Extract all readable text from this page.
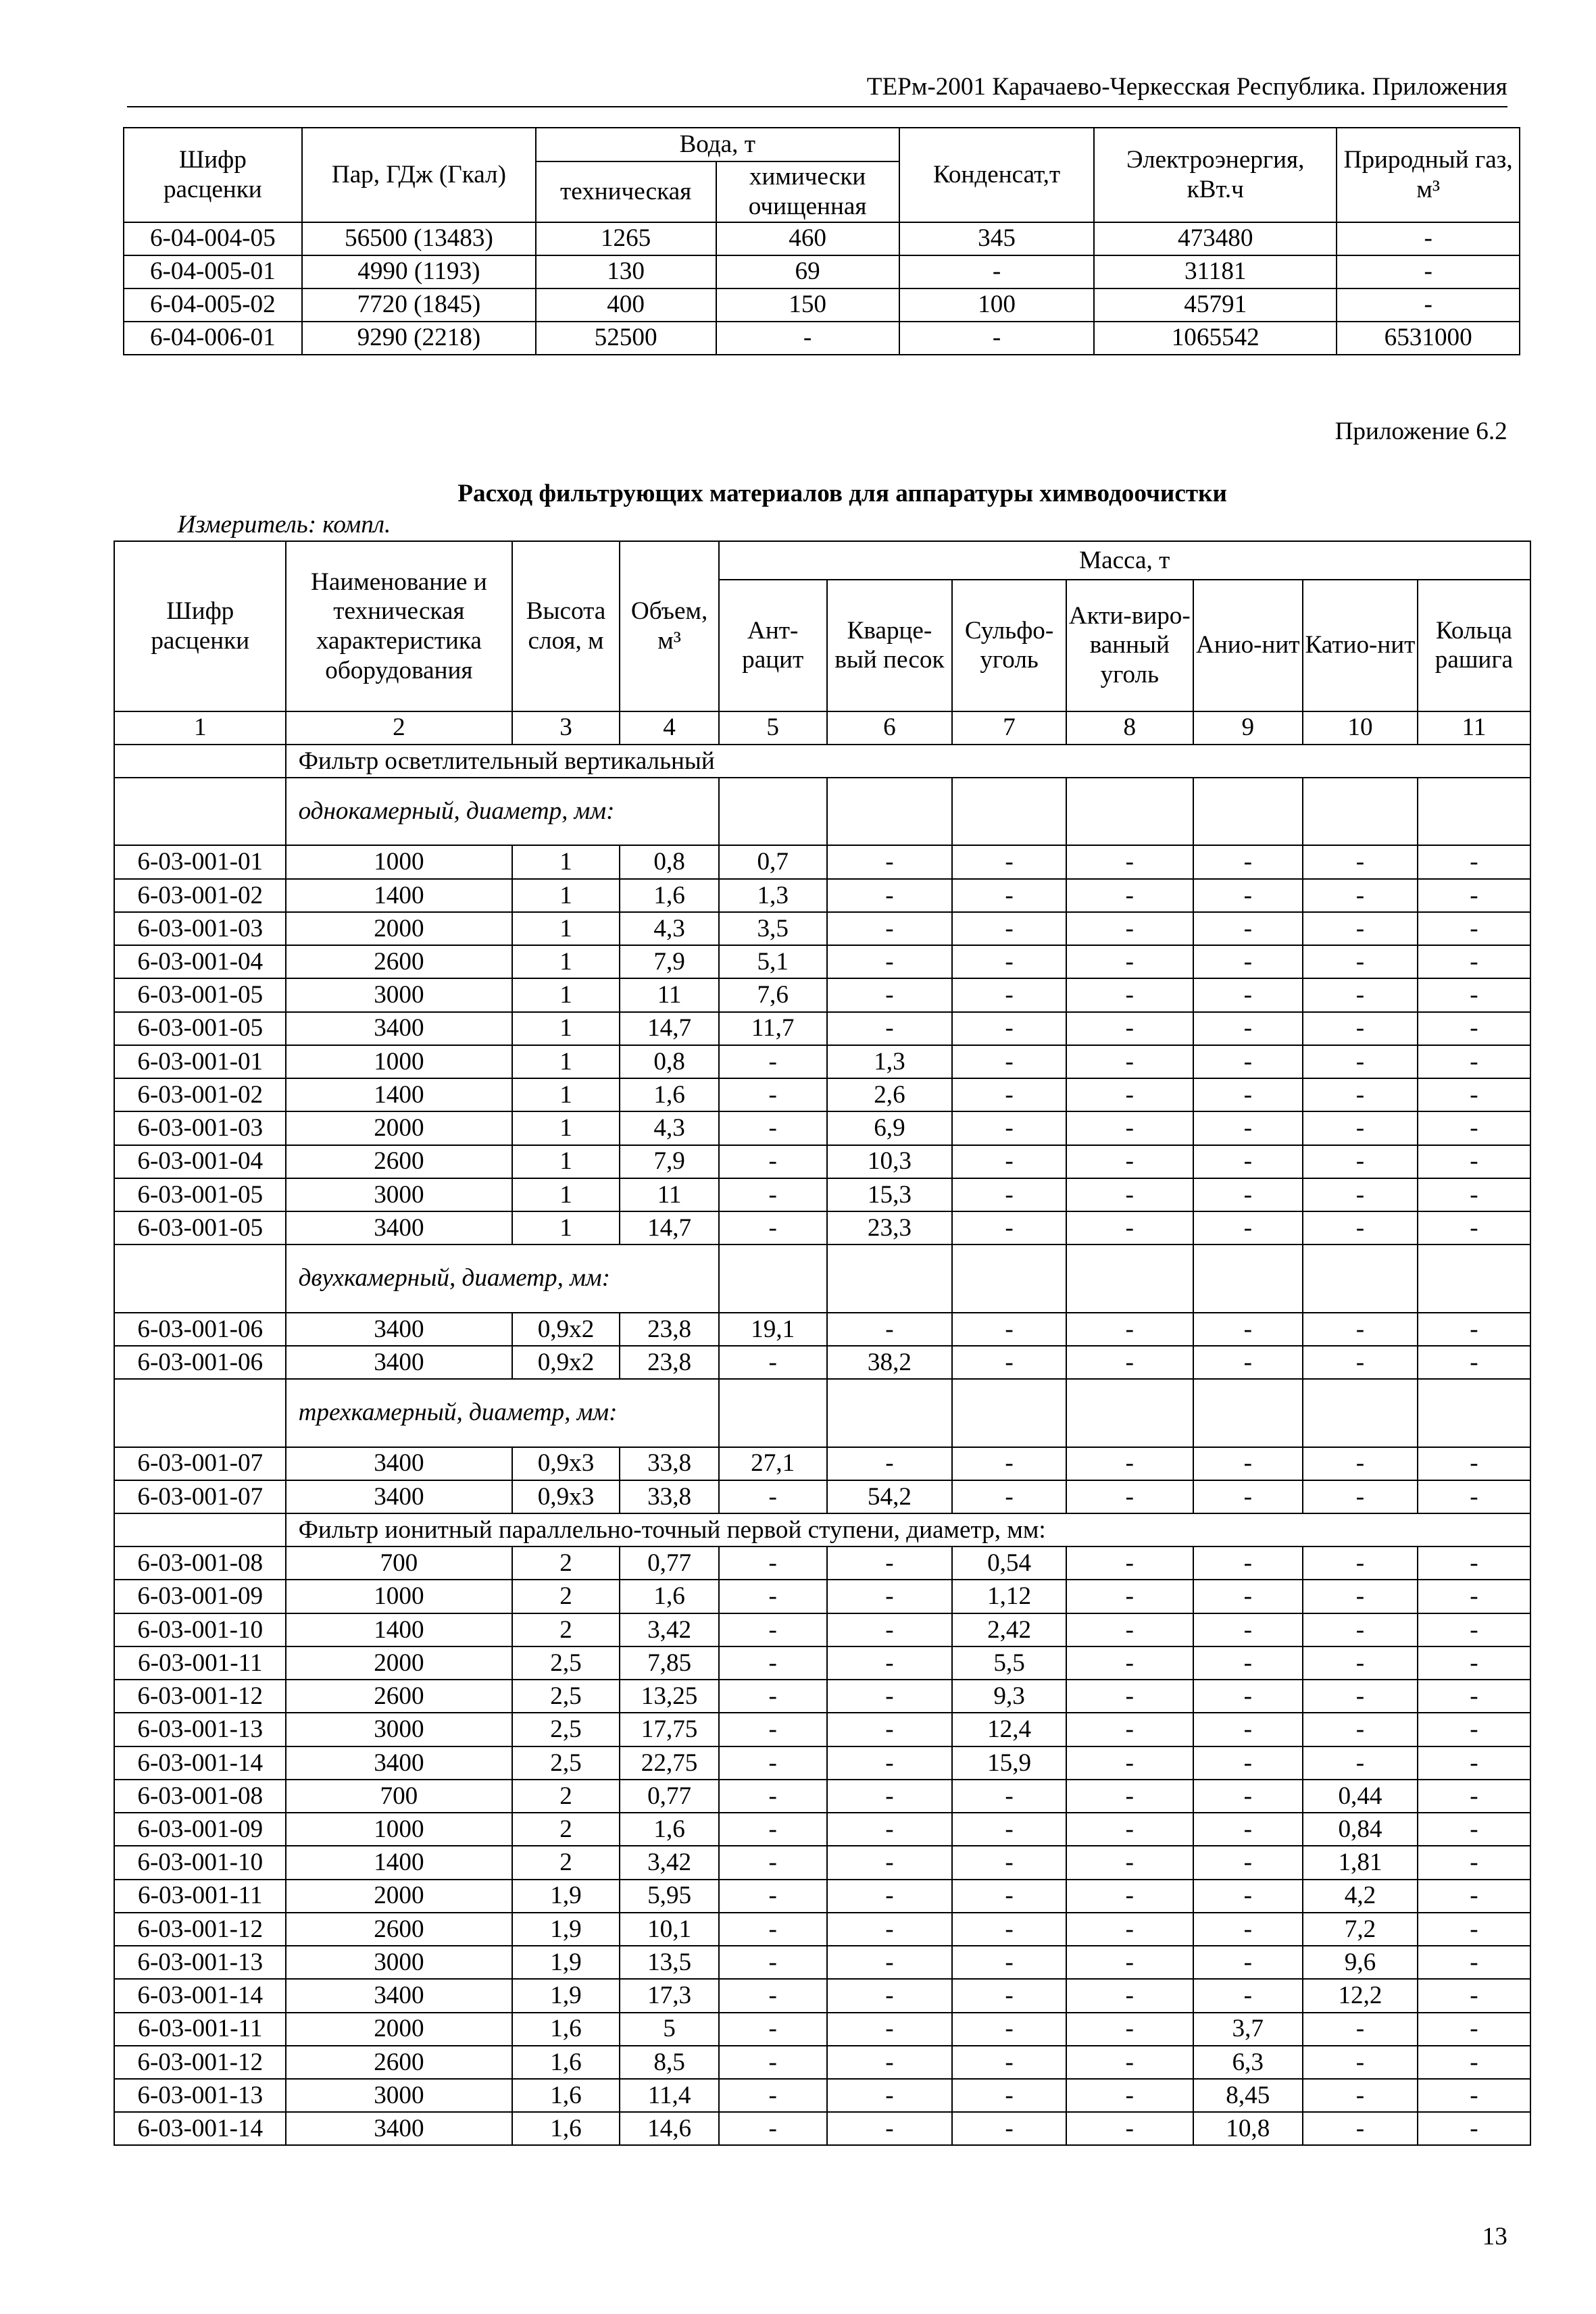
ТЕРм-2001 Карачаево-Черкесская Республика. Приложения
Шифр расценки	Пар, ГДж (Гкал)	Вода, т		Конденсат,т	Электроэнергия, кВт.ч	Природный газ, м³
		техническая	химически очищенная			
6-04-004-05	56500 (13483)	1265	460	345	473480	-
6-04-005-01	4990 (1193)	130	69	-	31181	-
6-04-005-02	7720 (1845)	400	150	100	45791	-
6-04-006-01	9290 (2218)	52500	-	-	1065542	6531000
Приложение 6.2
Расход фильтрующих материалов для аппаратуры химводоочистки
Измеритель: компл.
Шифр расценки	Наименование и техническая характеристика оборудования	Высота слоя, м	Объем, м³	Масса, т						
				Ант-рацит	Кварце-вый песок	Сульфо-уголь	Акти-виро-ванный уголь	Анио-нит	Катио-нит	Кольца рашига
1	2	3	4	5	6	7	8	9	10	11
	Фильтр осветлительный вертикальный									
	однокамерный, диаметр, мм:									
6-03-001-01	1000	1	0,8	0,7	-	-	-	-	-	-
6-03-001-02	1400	1	1,6	1,3	-	-	-	-	-	-
6-03-001-03	2000	1	4,3	3,5	-	-	-	-	-	-
6-03-001-04	2600	1	7,9	5,1	-	-	-	-	-	-
6-03-001-05	3000	1	11	7,6	-	-	-	-	-	-
6-03-001-05	3400	1	14,7	11,7	-	-	-	-	-	-
6-03-001-01	1000	1	0,8	-	1,3	-	-	-	-	-
6-03-001-02	1400	1	1,6	-	2,6	-	-	-	-	-
6-03-001-03	2000	1	4,3	-	6,9	-	-	-	-	-
6-03-001-04	2600	1	7,9	-	10,3	-	-	-	-	-
6-03-001-05	3000	1	11	-	15,3	-	-	-	-	-
6-03-001-05	3400	1	14,7	-	23,3	-	-	-	-	-
	двухкамерный, диаметр, мм:									
6-03-001-06	3400	0,9x2	23,8	19,1	-	-	-	-	-	-
6-03-001-06	3400	0,9x2	23,8	-	38,2	-	-	-	-	-
	трехкамерный, диаметр, мм:									
6-03-001-07	3400	0,9x3	33,8	27,1	-	-	-	-	-	-
6-03-001-07	3400	0,9x3	33,8	-	54,2	-	-	-	-	-
	Фильтр ионитный параллельно-точный первой ступени, диаметр, мм:									
6-03-001-08	700	2	0,77	-	-	0,54	-	-	-	-
6-03-001-09	1000	2	1,6	-	-	1,12	-	-	-	-
6-03-001-10	1400	2	3,42	-	-	2,42	-	-	-	-
6-03-001-11	2000	2,5	7,85	-	-	5,5	-	-	-	-
6-03-001-12	2600	2,5	13,25	-	-	9,3	-	-	-	-
6-03-001-13	3000	2,5	17,75	-	-	12,4	-	-	-	-
6-03-001-14	3400	2,5	22,75	-	-	15,9	-	-	-	-
6-03-001-08	700	2	0,77	-	-	-	-	-	0,44	-
6-03-001-09	1000	2	1,6	-	-	-	-	-	0,84	-
6-03-001-10	1400	2	3,42	-	-	-	-	-	1,81	-
6-03-001-11	2000	1,9	5,95	-	-	-	-	-	4,2	-
6-03-001-12	2600	1,9	10,1	-	-	-	-	-	7,2	-
6-03-001-13	3000	1,9	13,5	-	-	-	-	-	9,6	-
6-03-001-14	3400	1,9	17,3	-	-	-	-	-	12,2	-
6-03-001-11	2000	1,6	5	-	-	-	-	3,7	-	-
6-03-001-12	2600	1,6	8,5	-	-	-	-	6,3	-	-
6-03-001-13	3000	1,6	11,4	-	-	-	-	8,45	-	-
6-03-001-14	3400	1,6	14,6	-	-	-	-	10,8	-	-
13
